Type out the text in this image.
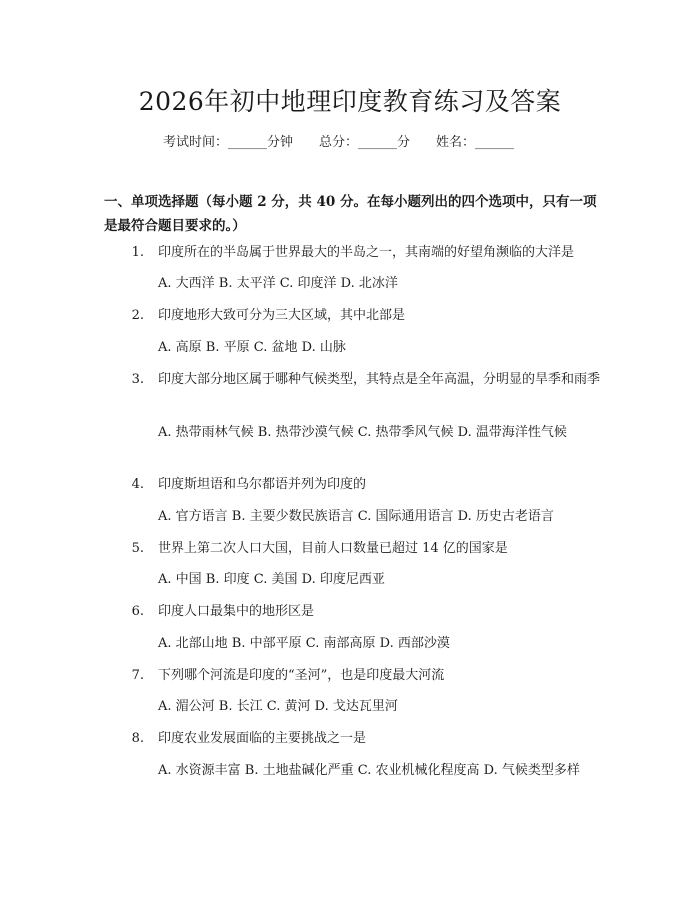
2026年初中地理印度教育练习及答案
考试时间：______分钟 总分：______分 姓名：______
一、单项选择题（每小题 2 分，共 40 分。在每小题列出的四个选项中，只有一项是最符合题目要求的。）
1. 印度所在的半岛属于世界最大的半岛之一，其南端的好望角濒临的大洋是
A. 大西洋 B. 太平洋 C. 印度洋 D. 北冰洋
2. 印度地形大致可分为三大区域，其中北部是
A. 高原 B. 平原 C. 盆地 D. 山脉
3. 印度大部分地区属于哪种气候类型，其特点是全年高温，分明显的旱季和雨季
A. 热带雨林气候 B. 热带沙漠气候 C. 热带季风气候 D. 温带海洋性气候
4. 印度斯坦语和乌尔都语并列为印度的
A. 官方语言 B. 主要少数民族语言 C. 国际通用语言 D. 历史古老语言
5. 世界上第二次人口大国，目前人口数量已超过 14 亿的国家是
A. 中国 B. 印度 C. 美国 D. 印度尼西亚
6. 印度人口最集中的地形区是
A. 北部山地 B. 中部平原 C. 南部高原 D. 西部沙漠
7. 下列哪个河流是印度的“圣河”，也是印度最大河流
A. 湄公河 B. 长江 C. 黄河 D. 戈达瓦里河
8. 印度农业发展面临的主要挑战之一是
A. 水资源丰富 B. 土地盐碱化严重 C. 农业机械化程度高 D. 气候类型多样
